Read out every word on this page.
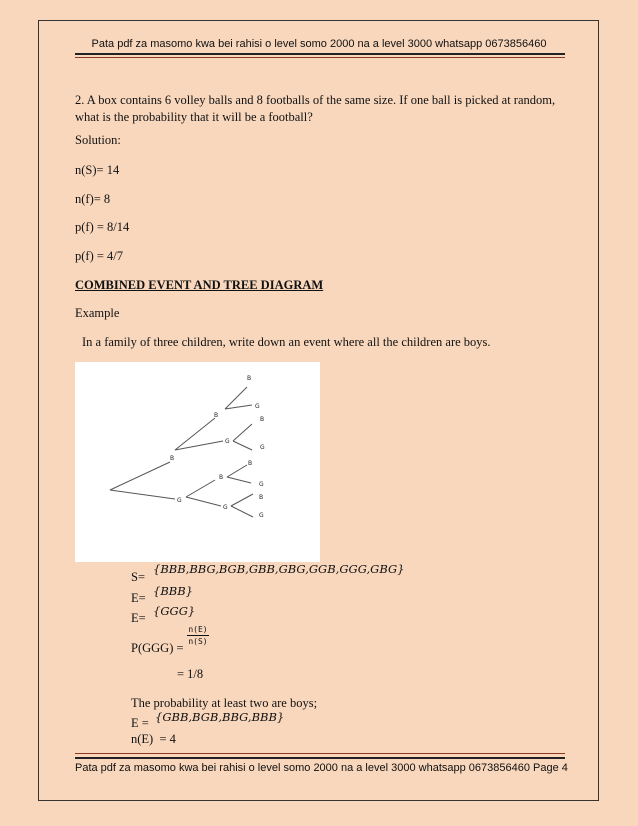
Pata pdf za masomo kwa bei rahisi o level somo 2000 na a level 3000 whatsapp 0673856460
2. A box contains 6 volley balls and 8 footballs of the same size. If one ball is picked at random, what is the probability that it will be a football?
Solution:
n(S)= 14
n(f)= 8
p(f) = 8/14
p(f) = 4/7
COMBINED EVENT AND TREE DIAGRAM
Example
In a family of three children, write down an event where all the children are boys.
B
G
B
G
B
G
B
G
B
G
B
G
B
G
S=
{BBB,BBG,BGB,GBB,GBG,GGB,GGG,GBG}
E= {BBB}
E= {GGG}
P(GGG) =
n(E)
n(S)
= 1/8
The probability at least two are boys;
E = {GBB,BGB,BBG,BBB}
n(E)  = 4
Pata pdf za masomo kwa bei rahisi o level somo 2000 na a level 3000 whatsapp 0673856460 Page 4
